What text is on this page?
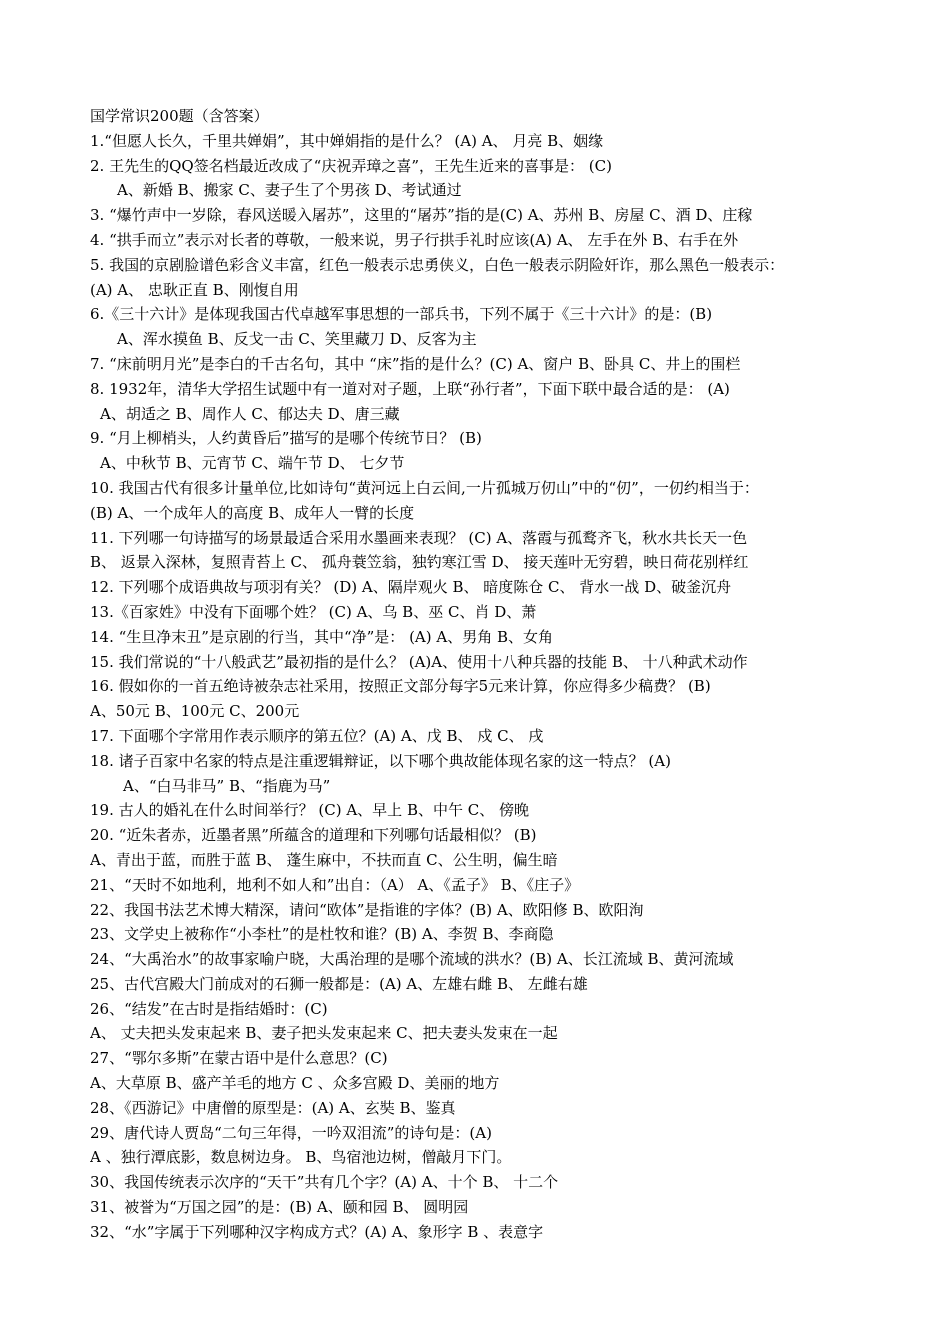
国学常识200题（含答案）
1.“但愿人长久，千里共婵娟”，其中婵娟指的是什么？ (A) A、 月亮 B、姻缘
2. 王先生的QQ签名档最近改成了“庆祝弄璋之喜”，王先生近来的喜事是： (C)
A、新婚 B、搬家 C、妻子生了个男孩 D、考试通过
3. “爆竹声中一岁除，春风送暖入屠苏”，这里的“屠苏”指的是(C) A、苏州 B、房屋 C、酒 D、庄稼
4. “拱手而立”表示对长者的尊敬，一般来说，男子行拱手礼时应该(A) A、 左手在外 B、右手在外
5. 我国的京剧脸谱色彩含义丰富，红色一般表示忠勇侠义，白色一般表示阴险奸诈，那么黑色一般表示：
(A) A、 忠耿正直 B、刚愎自用
6.《三十六计》是体现我国古代卓越军事思想的一部兵书，下列不属于《三十六计》的是：(B)
A、浑水摸鱼 B、反戈一击 C、笑里藏刀 D、反客为主
7. “床前明月光”是李白的千古名句，其中 “床”指的是什么？(C) A、窗户 B、卧具 C、井上的围栏
8. 1932年，清华大学招生试题中有一道对对子题，上联“孙行者”，下面下联中最合适的是： (A)
A、胡适之 B、周作人 C、郁达夫 D、唐三藏
9. “月上柳梢头，人约黄昏后”描写的是哪个传统节日？ (B)
A、中秋节 B、元宵节 C、端午节 D、 七夕节
10. 我国古代有很多计量单位,比如诗句“黄河远上白云间,一片孤城万仞山”中的“仞”，一仞约相当于：
(B) A、一个成年人的高度 B、成年人一臂的长度
11. 下列哪一句诗描写的场景最适合采用水墨画来表现？ (C) A、落霞与孤鹜齐飞，秋水共长天一色
B、 返景入深林，复照青苔上 C、 孤舟蓑笠翁，独钓寒江雪 D、 接天莲叶无穷碧，映日荷花别样红
12. 下列哪个成语典故与项羽有关？ (D) A、隔岸观火 B、 暗度陈仓 C、 背水一战 D、破釜沉舟
13.《百家姓》中没有下面哪个姓？ (C) A、乌 B、巫 C、肖 D、萧
14. “生旦净末丑”是京剧的行当，其中“净”是： (A) A、男角 B、女角
15. 我们常说的“十八般武艺”最初指的是什么？ (A)A、使用十八种兵器的技能 B、 十八种武术动作
16. 假如你的一首五绝诗被杂志社采用，按照正文部分每字5元来计算，你应得多少稿费？ (B)
A、50元 B、100元 C、200元
17. 下面哪个字常用作表示顺序的第五位？(A) A、戊 B、 戍 C、 戌
18. 诸子百家中名家的特点是注重逻辑辩证，以下哪个典故能体现名家的这一特点？ (A)
A、“白马非马” B、“指鹿为马”
19. 古人的婚礼在什么时间举行？ (C) A、早上 B、中午 C、 傍晚
20. “近朱者赤，近墨者黑”所蕴含的道理和下列哪句话最相似？ (B)
A、青出于蓝，而胜于蓝 B、 蓬生麻中，不扶而直 C、公生明，偏生暗
21、“天时不如地利，地利不如人和”出自：（A） A、《孟子》 B、《庄子》
22、我国书法艺术博大精深，请问“欧体”是指谁的字体？(B) A、欧阳修 B、欧阳洵
23、文学史上被称作“小李杜”的是杜牧和谁？(B) A、李贺 B、李商隐
24、“大禹治水”的故事家喻户晓，大禹治理的是哪个流域的洪水？(B) A、长江流域 B、黄河流域
25、古代宫殿大门前成对的石狮一般都是：(A) A、左雄右雌 B、 左雌右雄
26、“结发”在古时是指结婚时：(C)
A、 丈夫把头发束起来 B、妻子把头发束起来 C、把夫妻头发束在一起
27、“鄂尔多斯”在蒙古语中是什么意思？(C)
A、大草原 B、盛产羊毛的地方 C 、众多宫殿 D、美丽的地方
28、《西游记》中唐僧的原型是：(A) A、玄奘 B、鉴真
29、唐代诗人贾岛“二句三年得，一吟双泪流”的诗句是：(A)
A 、独行潭底影，数息树边身。 B、鸟宿池边树，僧敲月下门。
30、我国传统表示次序的“天干”共有几个字？(A) A、十个 B、 十二个
31、被誉为“万国之园”的是：(B) A、颐和园 B、 圆明园
32、“水”字属于下列哪种汉字构成方式？(A) A、象形字 B 、表意字
